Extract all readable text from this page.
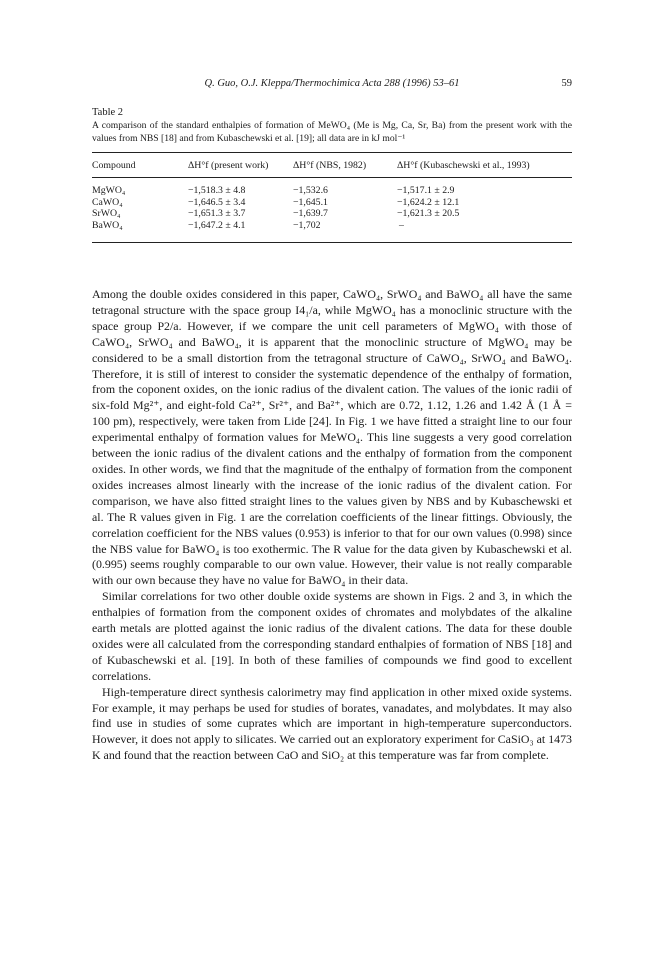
Q. Guo, O.J. Kleppa/Thermochimica Acta 288 (1996) 53–61	59
Table 2
A comparison of the standard enthalpies of formation of MeWO₄ (Me is Mg, Ca, Sr, Ba) from the present work with the values from NBS [18] and from Kubaschewski et al. [19]; all data are in kJ mol⁻¹
Compound	ΔH°f (present work)	ΔH°f (NBS, 1982)	ΔH°f (Kubaschewski et al., 1993)
MgWO₄	−1,518.3 ± 4.8	−1,532.6	−1,517.1 ± 2.9
CaWO₄	−1,646.5 ± 3.4	−1,645.1	−1,624.2 ± 12.1
SrWO₄	−1,651.3 ± 3.7	−1,639.7	−1,621.3 ± 20.5
BaWO₄	−1,647.2 ± 4.1	−1,702	–

Among the double oxides considered in this paper, CaWO₄, SrWO₄ and BaWO₄ all have the same tetragonal structure with the space group I4₁/a, while MgWO₄ has a monoclinic structure with the space group P2/a. However, if we compare the unit cell parameters of MgWO₄ with those of CaWO₄, SrWO₄ and BaWO₄, it is apparent that the monoclinic structure of MgWO₄ may be considered to be a small distortion from the tetragonal structure of CaWO₄, SrWO₄ and BaWO₄. Therefore, it is still of interest to consider the systematic dependence of the enthalpy of formation, from the coponent oxides, on the ionic radius of the divalent cation. The values of the ionic radii of six-fold Mg²⁺, and eight-fold Ca²⁺, Sr²⁺, and Ba²⁺, which are 0.72, 1.12, 1.26 and 1.42 Å (1 Å = 100 pm), respectively, were taken from Lide [24]. In Fig. 1 we have fitted a straight line to our four experimental enthalpy of formation values for MeWO₄. This line suggests a very good correlation between the ionic radius of the divalent cations and the enthalpy of formation from the component oxides. In other words, we find that the magnitude of the enthalpy of formation from the component oxides increases almost linearly with the increase of the ionic radius of the divalent cation. For comparison, we have also fitted straight lines to the values given by NBS and by Kubaschewski et al. The R values given in Fig. 1 are the correlation coefficients of the linear fittings. Obviously, the correlation coefficient for the NBS values (0.953) is inferior to that for our own values (0.998) since the NBS value for BaWO₄ is too exothermic. The R value for the data given by Kubaschewski et al. (0.995) seems roughly comparable to our own value. However, their value is not really comparable with our own because they have no value for BaWO₄ in their data.

Similar correlations for two other double oxide systems are shown in Figs. 2 and 3, in which the enthalpies of formation from the component oxides of chromates and molybdates of the alkaline earth metals are plotted against the ionic radius of the divalent cations. The data for these double oxides were all calculated from the corresponding standard enthalpies of formation of NBS [18] and of Kubaschewski et al. [19]. In both of these families of compounds we find good to excellent correlations.

High-temperature direct synthesis calorimetry may find application in other mixed oxide systems. For example, it may perhaps be used for studies of borates, vanadates, and molybdates. It may also find use in studies of some cuprates which are important in high-temperature superconductors. However, it does not apply to silicates. We carried out an exploratory experiment for CaSiO₃ at 1473 K and found that the reaction between CaO and SiO₂ at this temperature was far from complete.
